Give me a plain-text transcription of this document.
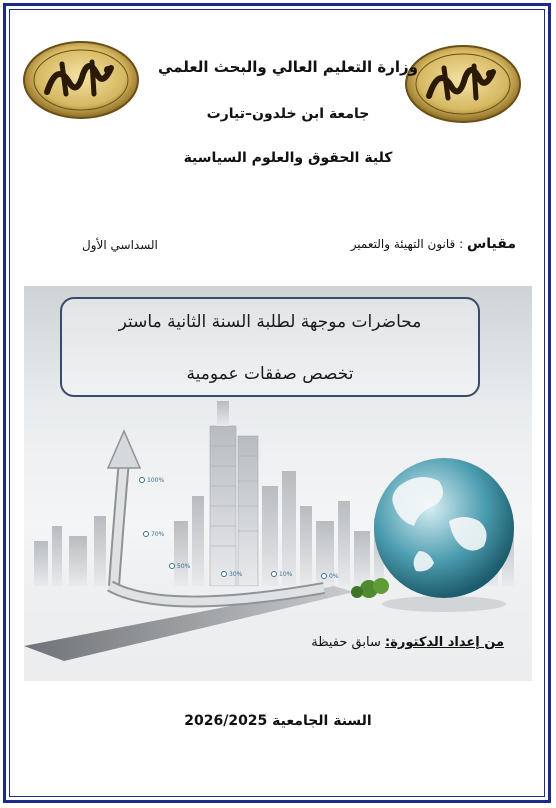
وزارة التعليم العالي والبحث العلمي
جامعة ابن خلدون–تيارت
كلية الحقوق والعلوم السياسية
مقياس : قانون التهيئة والتعمير
السداسي الأول
100%
70%
50%
30%	10%	0%
محاضرات موجهة لطلبة السنة الثانية ماستر
تخصص صفقات عمومية
من إعداد الدكتورة: سابق حفيظة
السنة الجامعية 2026/2025
